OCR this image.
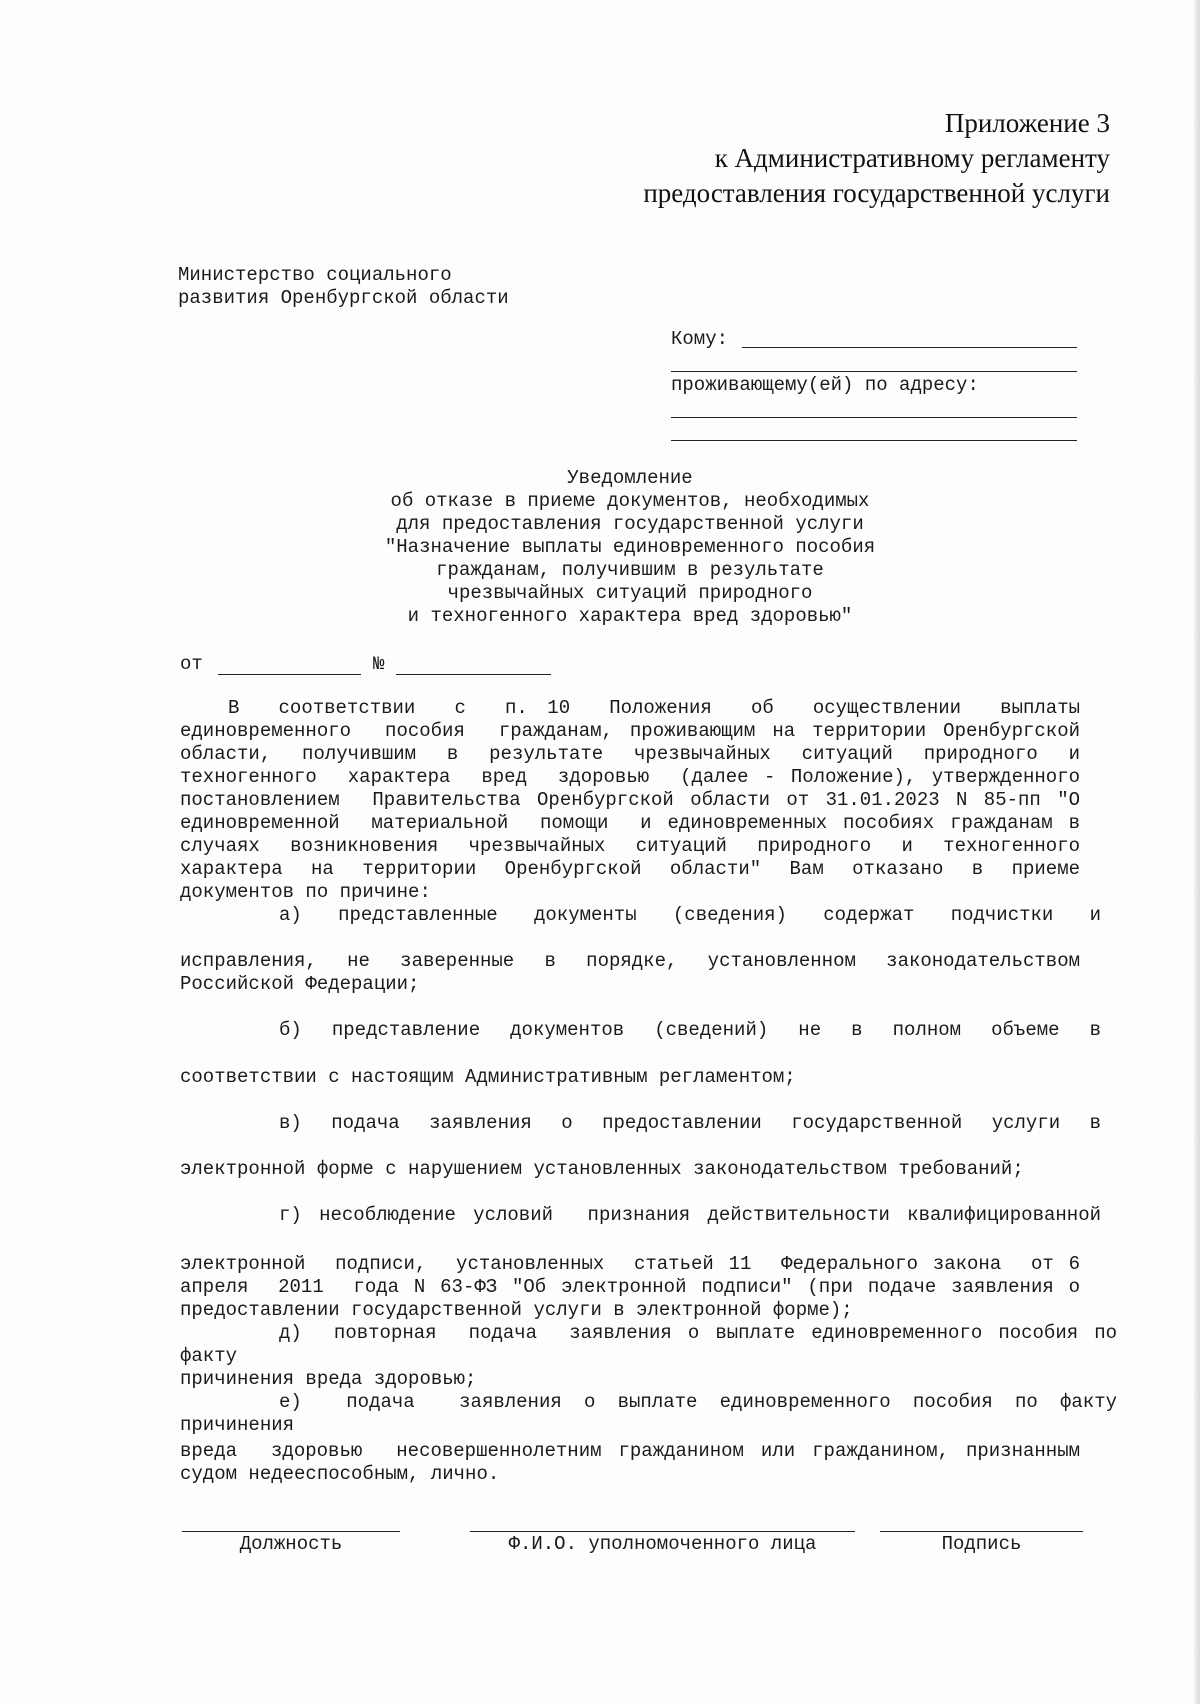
Приложение 3
к Административному регламенту
предоставления государственной услуги
Министерство социального
развития Оренбургской области
Кому:
проживающему(ей) по адресу:
Уведомление
об отказе в приеме документов, необходимых
для предоставления государственной услуги
"Назначение выплаты единовременного пособия
гражданам, получившим в результате
чрезвычайных ситуаций природного
и техногенного характера вред здоровью"
от	№
В  соответствии  с  п. 10  Положения  об  осуществлении  выплаты
единовременного  пособия  гражданам, проживающим на территории Оренбургской
области,  получившим  в  результате  чрезвычайных  ситуаций  природного  и
техногенного  характера  вред  здоровью  (далее - Положение), утвержденного
постановлением  Правительства Оренбургской области от 31.01.2023 N 85-пп "О
единовременной  материальной  помощи  и единовременных пособиях гражданам в
случаях  возникновения  чрезвычайных  ситуаций  природного  и  техногенного
характера  на  территории  Оренбургской  области"  Вам  отказано  в  приеме
документов по причине:
а)  представленные  документы  (сведения)  содержат  подчистки  и
исправления,  не  заверенные  в  порядке,  установленном  законодательством
Российской Федерации;
б)  представление  документов  (сведений)  не  в  полном  объеме  в
соответствии с настоящим Административным регламентом;
в)  подача  заявления  о  предоставлении  государственной  услуги  в
электронной форме с нарушением установленных законодательством требований;
г) несоблюдение условий  признания действительности квалифицированной
электронной  подписи,  установленных  статьей 11  Федерального закона  от 6
апреля  2011  года N 63-ФЗ "Об электронной подписи" (при подаче заявления о
предоставлении государственной услуги в электронной форме);
д)  повторная  подача  заявления о выплате единовременного пособия по
факту
причинения вреда здоровью;
е)  подача  заявления о выплате единовременного пособия по факту
причинения
вреда  здоровью  несовершеннолетним гражданином или гражданином, признанным
судом недееспособным, лично.
Должность	Ф.И.О. уполномоченного лица	Подпись
